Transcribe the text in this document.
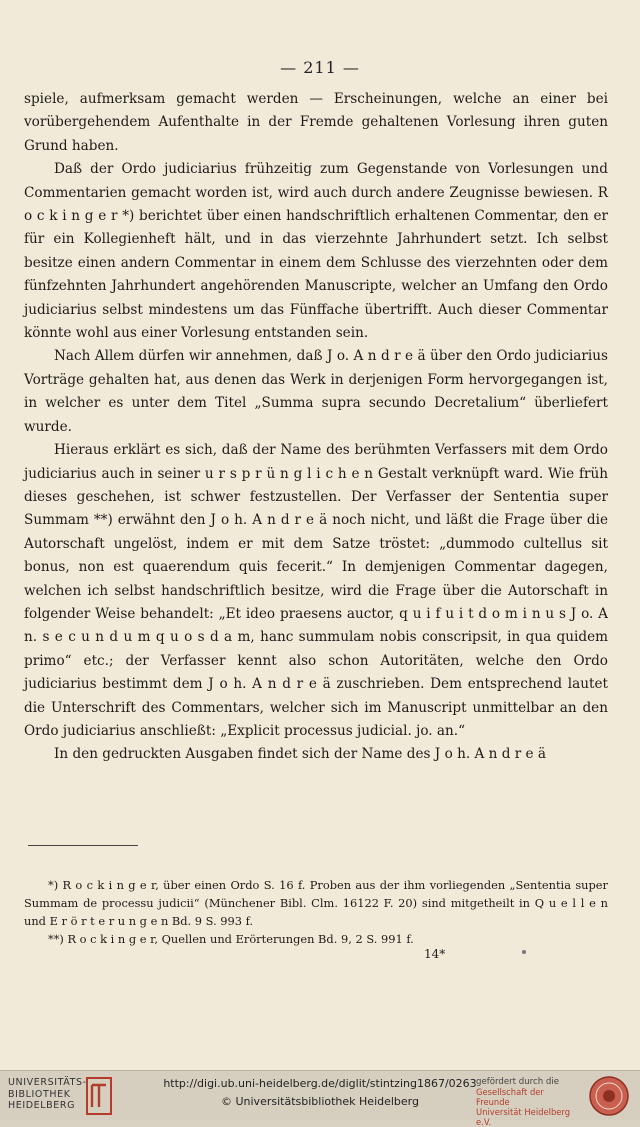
— 211 —

spiele, aufmerksam gemacht werden — Erscheinungen, welche an einer bei vorübergehendem Aufenthalte in der Fremde gehaltenen Vorlesung ihren guten Grund haben.

Daß der Ordo judiciarius frühzeitig zum Gegenstande von Vorlesungen und Commentarien gemacht worden ist, wird auch durch andere Zeugnisse bewiesen. R o c k i n g e r *) berichtet über einen handschriftlich erhaltenen Commentar, den er für ein Kollegienheft hält, und in das vierzehnte Jahrhundert setzt. Ich selbst besitze einen andern Commentar in einem dem Schlusse des vierzehnten oder dem fünfzehnten Jahrhundert angehörenden Manuscripte, welcher an Umfang den Ordo judiciarius selbst mindestens um das Fünffache übertrifft. Auch dieser Commentar könnte wohl aus einer Vorlesung entstanden sein.

Nach Allem dürfen wir annehmen, daß J o. A n d r e ä über den Ordo judiciarius Vorträge gehalten hat, aus denen das Werk in derjenigen Form hervorgegangen ist, in welcher es unter dem Titel „Summa supra secundo Decretalium“ überliefert wurde.

Hieraus erklärt es sich, daß der Name des berühmten Verfassers mit dem Ordo judiciarius auch in seiner u r s p r ü n g l i c h e n Gestalt verknüpft ward. Wie früh dieses geschehen, ist schwer festzustellen. Der Verfasser der Sententia super Summam **) erwähnt den J o h. A n d r e ä noch nicht, und läßt die Frage über die Autorschaft ungelöst, indem er mit dem Satze tröstet: „dummodo cultellus sit bonus, non est quaerendum quis fecerit.“ In demjenigen Commentar dagegen, welchen ich selbst handschriftlich besitze, wird die Frage über die Autorschaft in folgender Weise behandelt: „Et ideo praesens auctor, q u i f u i t d o m i n u s J o. A n. s e c u n d u m q u o s d a m, hanc summulam nobis conscripsit, in qua quidem primo“ etc.; der Verfasser kennt also schon Autoritäten, welche den Ordo judiciarius bestimmt dem J o h. A n d r e ä zuschrieben. Dem entsprechend lautet die Unterschrift des Commentars, welcher sich im Manuscript unmittelbar an den Ordo judiciarius anschließt: „Explicit processus judicial. jo. an.“

In den gedruckten Ausgaben findet sich der Name des J o h. A n d r e ä

*) R o c k i n g e r, über einen Ordo S. 16 f. Proben aus der ihm vorliegenden „Sententia super Summam de processu judicii“ (Münchener Bibl. Clm. 16122 F. 20) sind mitgetheilt in Q u e l l e n und E r ö r t e r u n g e n Bd. 9 S. 993 f.

**) R o c k i n g e r, Quellen und Erörterungen Bd. 9, 2 S. 991 f.

14*
UNIVERSITÄTS-
BIBLIOTHEK
HEIDELBERG
http://digi.ub.uni-heidelberg.de/diglit/stintzing1867/0263
© Universitätsbibliothek Heidelberg
gefördert durch die
Gesellschaft der Freunde
Universität Heidelberg e.V.
